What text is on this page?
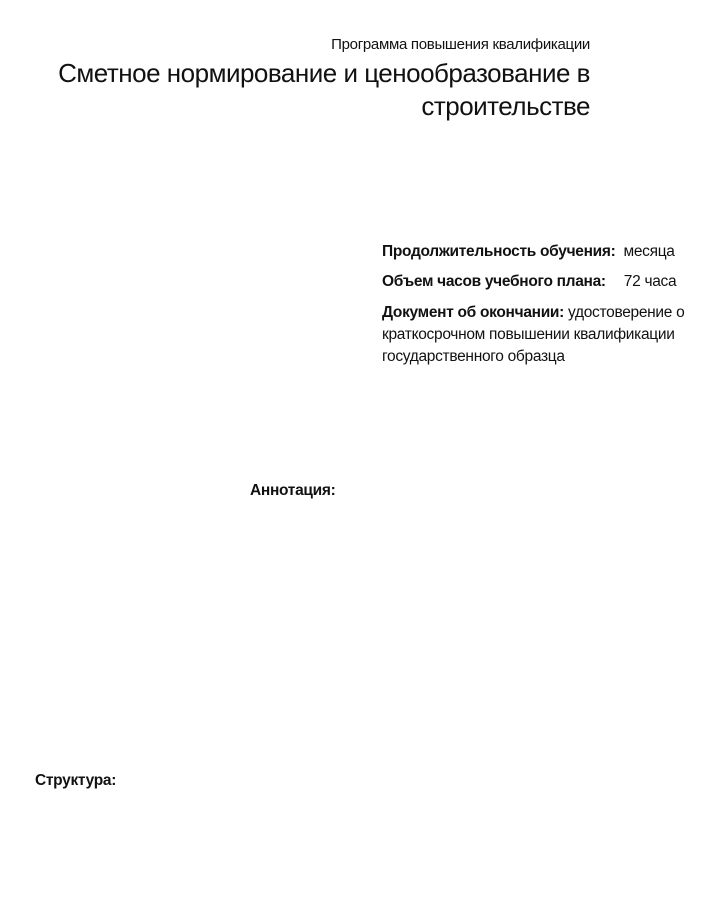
Программа повышения квалификации
Сметное нормирование и ценообразование в строительстве
Продолжительность обучения: месяца
Объем часов учебного плана: 72 часа
Документ об окончании: удостоверение о краткосрочном повышении квалификации государственного образца
Аннотация:
Структура:
